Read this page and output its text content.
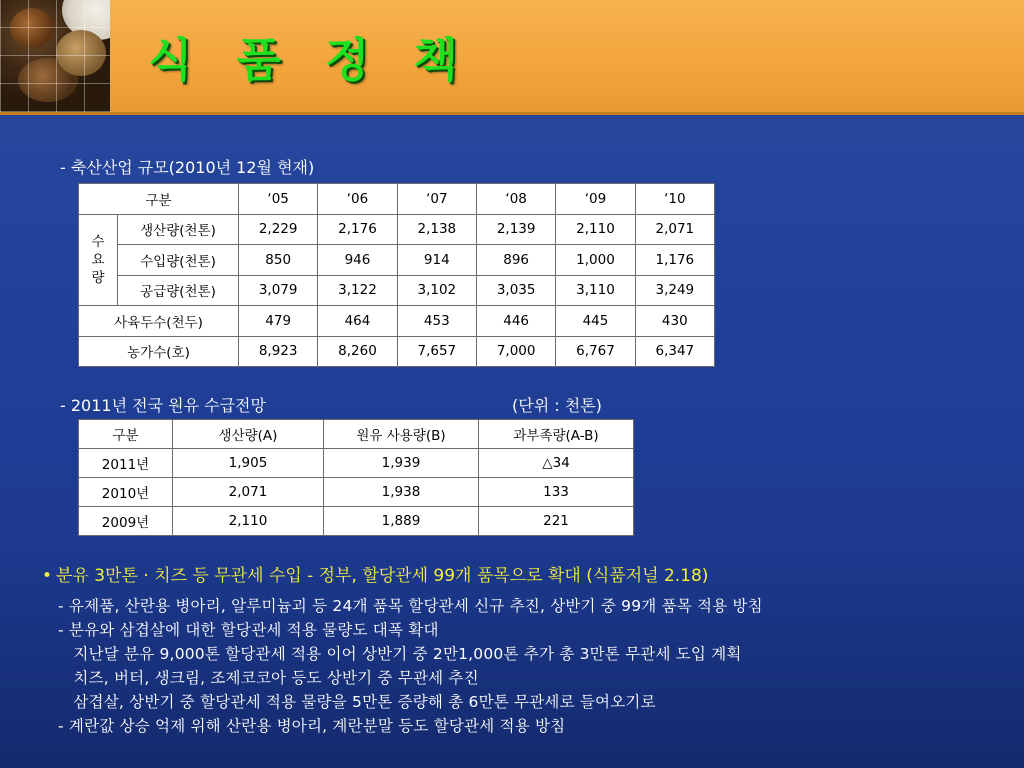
식 품 정 책
- 축산산업 규모(2010년 12월 현재)
구분		‘05	‘06	‘07	‘08	‘09	‘10
수
요
량	생산량(천톤)	2,229	2,176	2,138	2,139	2,110	2,071
	수입량(천톤)	850	946	914	896	1,000	1,176
	공급량(천톤)	3,079	3,122	3,102	3,035	3,110	3,249
사육두수(천두)		479	464	453	446	445	430
농가수(호)		8,923	8,260	7,657	7,000	6,767	6,347
- 2011년 전국 원유 수급전망	(단위 : 천톤)
구분	생산량(A)	원유 사용량(B)	과부족량(A-B)
2011년	1,905	1,939	△34
2010년	2,071	1,938	133
2009년	2,110	1,889	221
• 분유 3만톤 · 치즈 등 무관세 수입 - 정부, 할당관세 99개 품목으로 확대 (식품저널 2.18)
- 유제품, 산란용 병아리, 알루미늄괴 등 24개 품목 할당관세 신규 추진, 상반기 중 99개 품목 적용 방침
- 분유와 삼겹살에 대한 할당관세 적용 물량도 대폭 확대
지난달 분유 9,000톤 할당관세 적용 이어 상반기 중 2만1,000톤 추가 총 3만톤 무관세 도입 계획
치즈, 버터, 생크림, 조제코코아 등도 상반기 중 무관세 추진
삼겹살, 상반기 중 할당관세 적용 물량을 5만톤 증량해 총 6만톤 무관세로 들여오기로
- 계란값 상승 억제 위해 산란용 병아리, 계란분말 등도 할당관세 적용 방침
